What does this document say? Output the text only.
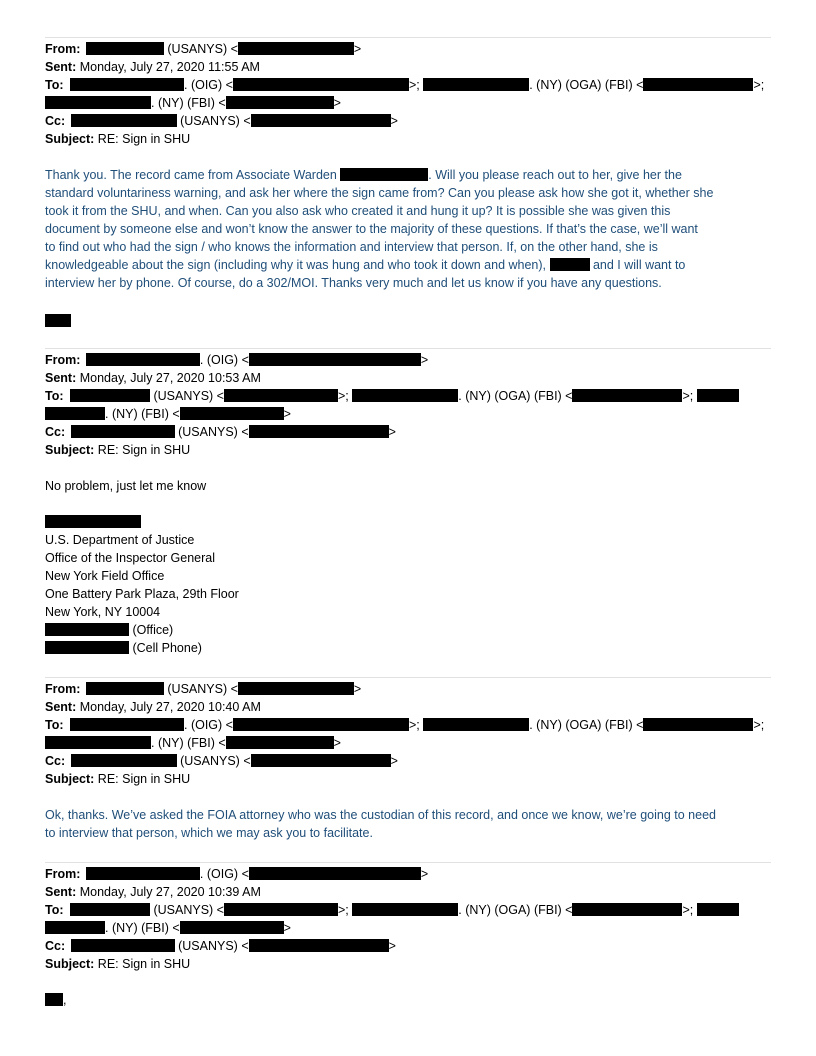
From:	(USANYS) <	>
Sent: Monday, July 27, 2020 11:55 AM
To:	. (OIG) <	>;	. (NY) (OGA) (FBI) <	>;
. (NY) (FBI) <	>
Cc:	(USANYS) <	>
Subject: RE: Sign in SHU
Thank you. The record came from Associate Warden	. Will you please reach out to her, give her the
standard voluntariness warning, and ask her where the sign came from? Can you please ask how she got it, whether she
took it from the SHU, and when. Can you also ask who created it and hung it up? It is possible she was given this
document by someone else and won’t know the answer to the majority of these questions. If that’s the case, we’ll want
to find out who had the sign / who knows the information and interview that person. If, on the other hand, she is
knowledgeable about the sign (including why it was hung and who took it down and when),	and I will want to
interview her by phone. Of course, do a 302/MOI. Thanks very much and let us know if you have any questions.
From:	. (OIG) <	>
Sent: Monday, July 27, 2020 10:53 AM
To:	(USANYS) <	>;	. (NY) (OGA) (FBI) <	>;
. (NY) (FBI) <	>
Cc:	(USANYS) <	>
Subject: RE: Sign in SHU
No problem, just let me know
U.S. Department of Justice
Office of the Inspector General
New York Field Office
One Battery Park Plaza, 29th Floor
New York, NY 10004
(Office)
(Cell Phone)
From:	(USANYS) <	>
Sent: Monday, July 27, 2020 10:40 AM
To:	. (OIG) <	>;	. (NY) (OGA) (FBI) <	>;
. (NY) (FBI) <	>
Cc:	(USANYS) <	>
Subject: RE: Sign in SHU
Ok, thanks. We’ve asked the FOIA attorney who was the custodian of this record, and once we know, we’re going to need
to interview that person, which we may ask you to facilitate.
From:	. (OIG) <	>
Sent: Monday, July 27, 2020 10:39 AM
To:	(USANYS) <	>;	. (NY) (OGA) (FBI) <	>;
. (NY) (FBI) <	>
Cc:	(USANYS) <	>
Subject: RE: Sign in SHU
,
